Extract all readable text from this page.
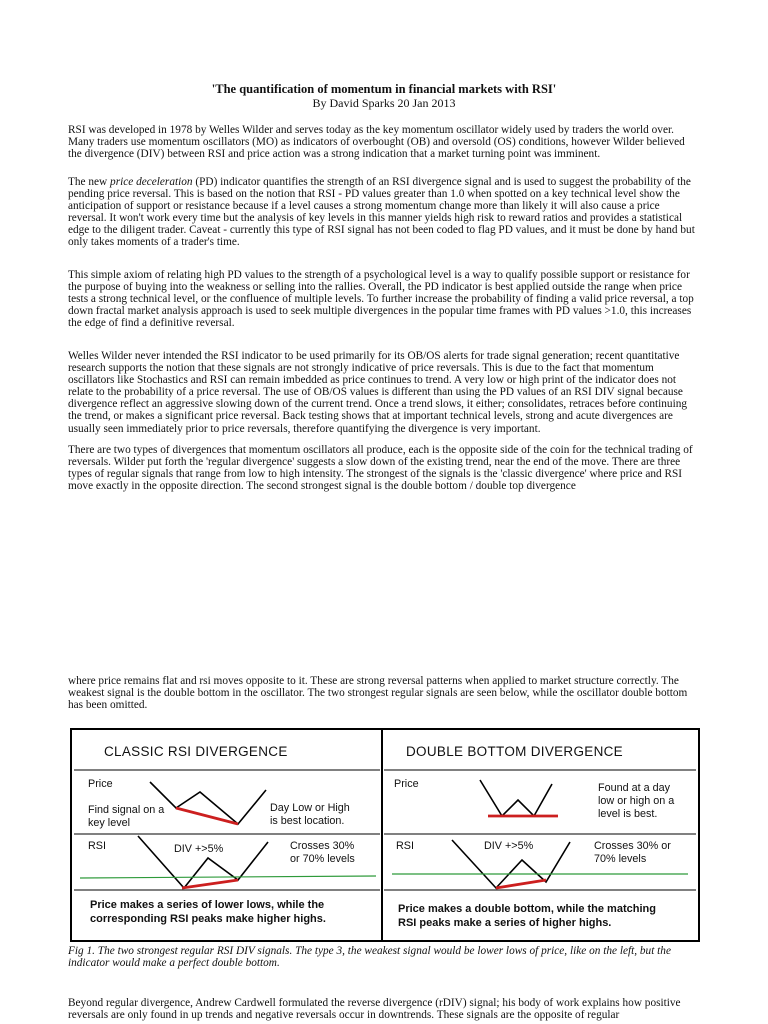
'The quantification of momentum in financial markets with RSI'
By David Sparks 20 Jan 2013

RSI was developed in 1978 by Welles Wilder and serves today as the key momentum oscillator widely used by traders the world over. Many traders use momentum oscillators (MO) as indicators of overbought (OB) and oversold (OS) conditions, however Wilder believed the divergence (DIV) between RSI and price action was a strong indication that a market turning point was imminent.

The new price deceleration (PD) indicator quantifies the strength of an RSI divergence signal and is used to suggest the probability of the pending price reversal. This is based on the notion that RSI - PD values greater than 1.0 when spotted on a key technical level show the anticipation of support or resistance because if a level causes a strong momentum change more than likely it will also cause a price reversal. It won't work every time but the analysis of key levels in this manner yields high risk to reward ratios and provides a statistical edge to the diligent trader. Caveat - currently this type of RSI signal has not been coded to flag PD values, and it must be done by hand but only takes moments of a trader's time.

This simple axiom of relating high PD values to the strength of a psychological level is a way to qualify possible support or resistance for the purpose of buying into the weakness or selling into the rallies. Overall, the PD indicator is best applied outside the range when price tests a strong technical level, or the confluence of multiple levels. To further increase the probability of finding a valid price reversal, a top down fractal market analysis approach is used to seek multiple divergences in the popular time frames with PD values >1.0, this increases the edge of find a definitive reversal.

Welles Wilder never intended the RSI indicator to be used primarily for its OB/OS alerts for trade signal generation; recent quantitative research supports the notion that these signals are not strongly indicative of price reversals. This is due to the fact that momentum oscillators like Stochastics and RSI can remain imbedded as price continues to trend. A very low or high print of the indicator does not relate to the probability of a price reversal. The use of OB/OS values is different than using the PD values of an RSI DIV signal because divergence reflect an aggressive slowing down of the current trend. Once a trend slows, it either; consolidates, retraces before continuing the trend, or makes a significant price reversal. Back testing shows that at important technical levels, strong and acute divergences are usually seen immediately prior to price reversals, therefore quantifying the divergence is very important.

There are two types of divergences that momentum oscillators all produce, each is the opposite side of the coin for the technical trading of reversals. Wilder put forth the 'regular divergence' suggests a slow down of the existing trend, near the end of the move. There are three types of regular signals that range from low to high intensity. The strongest of the signals is the 'classic divergence' where price and RSI move exactly in the opposite direction. The second strongest signal is the double bottom / double top divergence

where price remains flat and rsi moves opposite to it. These are strong reversal patterns when applied to market structure correctly. The weakest signal is the double bottom in the oscillator. The two strongest regular signals are seen below, while the oscillator double bottom has been omitted.

CLASSIC RSI DIVERGENCE
Price
Find signal on a
key level
Day Low or High
is best location.
RSI	DIV +>5%	Crosses 30%
or 70% levels
Price makes a series of lower lows, while the
corresponding RSI peaks make higher highs.
DOUBLE BOTTOM DIVERGENCE
Price	Found at a day
low or high on a
level is best.
RSI	DIV +>5%	Crosses 30% or
70% levels
Price makes a double bottom, while the matching
RSI peaks make a series of higher highs.

Fig 1. The two strongest regular RSI DIV signals. The type 3, the weakest signal would be lower lows of price, like on the left, but the indicator would make a perfect double bottom.

Beyond regular divergence, Andrew Cardwell formulated the reverse divergence (rDIV) signal; his body of work explains how positive reversals are only found in up trends and negative reversals occur in downtrends. These signals are the opposite of regular
